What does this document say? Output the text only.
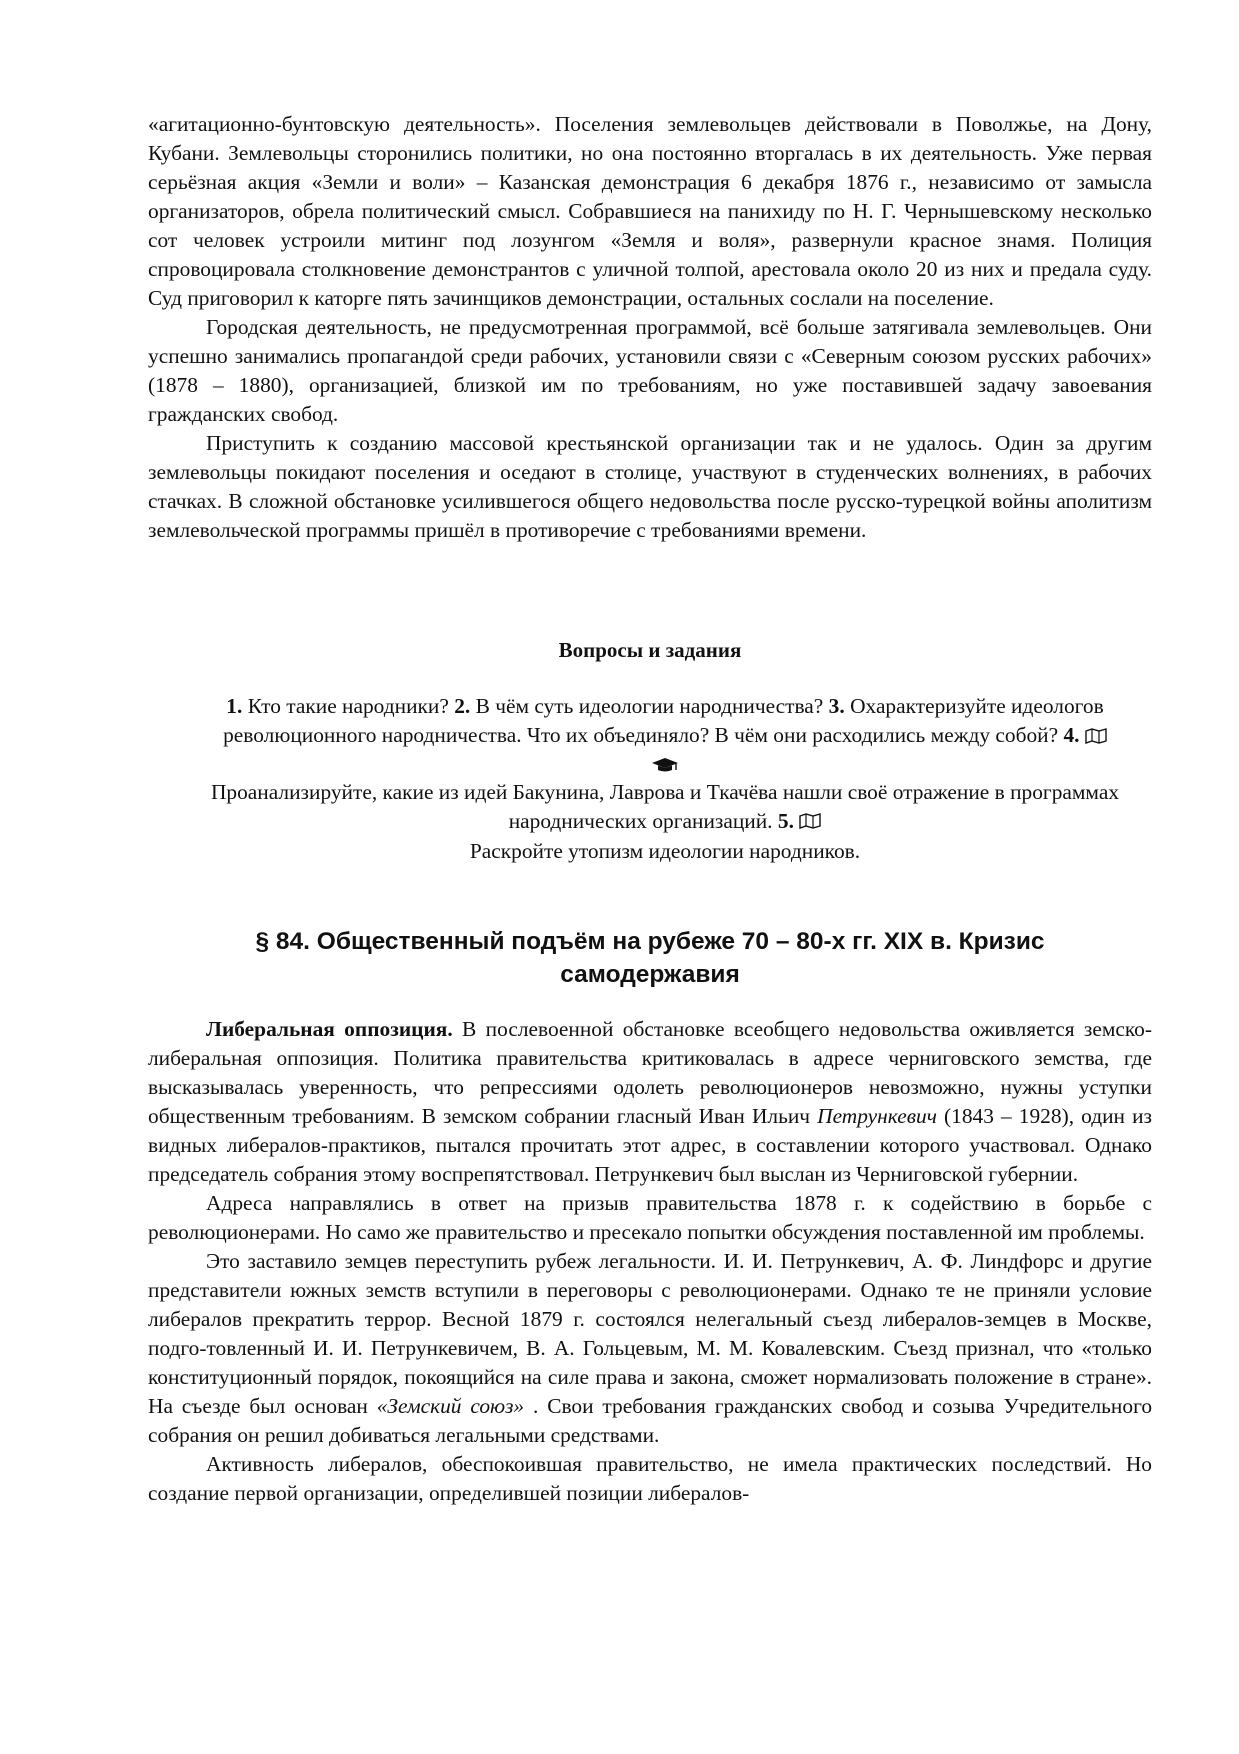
«агитационно-бунтовскую деятельность». Поселения землевольцев действовали в Поволжье, на Дону, Кубани. Землевольцы сторонились политики, но она постоянно вторгалась в их деятельность. Уже первая серьёзная акция «Земли и воли» – Казанская демонстрация 6 декабря 1876 г., независимо от замысла организаторов, обрела политический смысл. Собравшиеся на панихиду по Н. Г. Чернышевскому несколько сот человек устроили митинг под лозунгом «Земля и воля», развернули красное знамя. Полиция спровоцировала столкновение демонстрантов с уличной толпой, арестовала около 20 из них и предала суду. Суд приговорил к каторге пять зачинщиков демонстрации, остальных сослали на поселение.

Городская деятельность, не предусмотренная программой, всё больше затягивала землевольцев. Они успешно занимались пропагандой среди рабочих, установили связи с «Северным союзом русских рабочих» (1878 – 1880), организацией, близкой им по требованиям, но уже поставившей задачу завоевания гражданских свобод.

Приступить к созданию массовой крестьянской организации так и не удалось. Один за другим землевольцы покидают поселения и оседают в столице, участвуют в студенческих волнениях, в рабочих стачках. В сложной обстановке усилившегося общего недовольства после русско-турецкой войны аполитизм землевольческой программы пришёл в противоречие с требованиями времени.

Вопросы и задания
1. Кто такие народники? 2. В чём суть идеологии народничества? 3. Охарактеризуйте идеологов революционного народничества. Что их объединяло? В чём они расходились между собой? 4.
Проанализируйте, какие из идей Бакунина, Лаврова и Ткачёва нашли своё отражение в программах народнических организаций. 5.
Раскройте утопизм идеологии народников.
§ 84. Общественный подъём на рубеже 70 – 80-х гг. XIX в. Кризис
самодержавия

Либеральная оппозиция. В послевоенной обстановке всеобщего недовольства оживляется земско-либеральная оппозиция. Политика правительства критиковалась в адресе черниговского земства, где высказывалась уверенность, что репрессиями одолеть революционеров невозможно, нужны уступки общественным требованиям. В земском собрании гласный Иван Ильич Петрункевич (1843 – 1928), один из видных либералов-практиков, пытался прочитать этот адрес, в составлении которого участвовал. Однако председатель собрания этому воспрепятствовал. Петрункевич был выслан из Черниговской губернии.

Адреса направлялись в ответ на призыв правительства 1878 г. к содействию в борьбе с революционерами. Но само же правительство и пресекало попытки обсуждения поставленной им проблемы.

Это заставило земцев переступить рубеж легальности. И. И. Петрункевич, А. Ф. Линдфорс и другие представители южных земств вступили в переговоры с революционерами. Однако те не приняли условие либералов прекратить террор. Весной 1879 г. состоялся нелегальный съезд либералов-земцев в Москве, подго-товленный И. И. Петрункевичем, В. А. Гольцевым, М. М. Ковалевским. Съезд признал, что «только конституционный порядок, покоящийся на силе права и закона, сможет нормализовать положение в стране». На съезде был основан «Земский союз» . Свои требования гражданских свобод и созыва Учредительного собрания он решил добиваться легальными средствами.

Активность либералов, обеспокоившая правительство, не имела практических последствий. Но создание первой организации, определившей позиции либералов-
